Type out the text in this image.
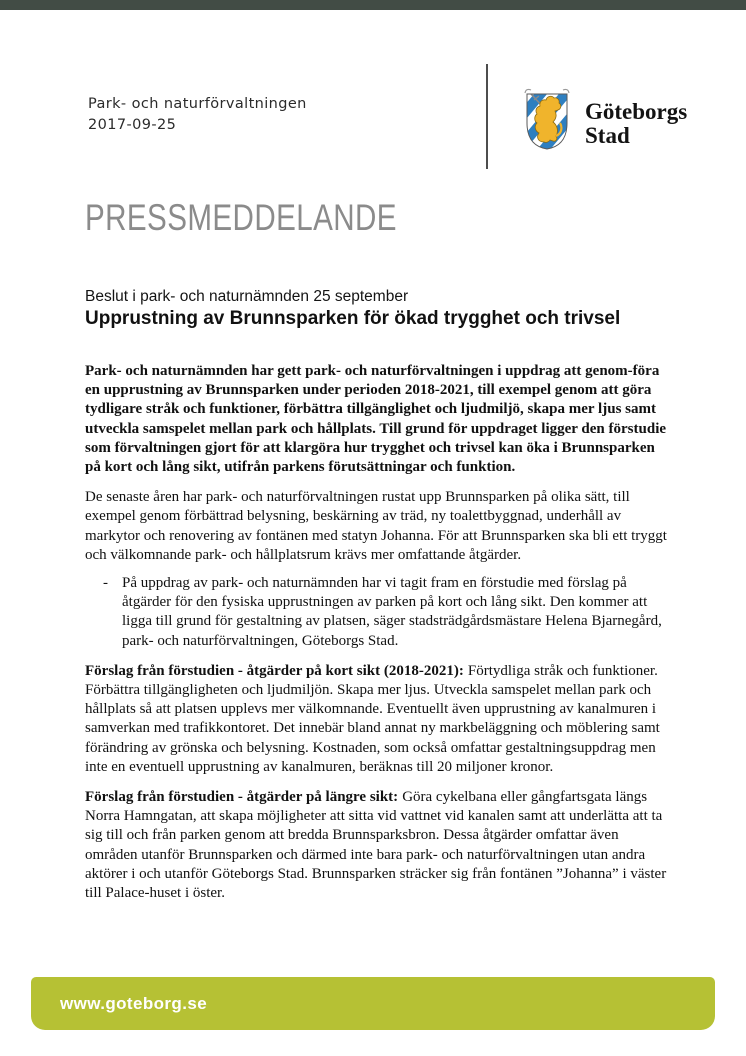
Park- och naturförvaltningen
2017-09-25
Göteborgs
Stad
PRESSMEDDELANDE
Beslut i park- och naturnämnden 25 september
Upprustning av Brunnsparken för ökad trygghet och trivsel

Park- och naturnämnden har gett park- och naturförvaltningen i uppdrag att genom-föra en upprustning av Brunnsparken under perioden 2018-2021, till exempel genom att göra tydligare stråk och funktioner, förbättra tillgänglighet och ljudmiljö, skapa mer ljus samt utveckla samspelet mellan park och hållplats. Till grund för uppdraget ligger den förstudie som förvaltningen gjort för att klargöra hur trygghet och trivsel kan öka i Brunnsparken på kort och lång sikt, utifrån parkens förutsättningar och funktion.

De senaste åren har park- och naturförvaltningen rustat upp Brunnsparken på olika sätt, till exempel genom förbättrad belysning, beskärning av träd, ny toalettbyggnad, underhåll av markytor och renovering av fontänen med statyn Johanna. För att Brunnsparken ska bli ett tryggt och välkomnande park- och hållplatsrum krävs mer omfattande åtgärder.

- På uppdrag av park- och naturnämnden har vi tagit fram en förstudie med förslag på åtgärder för den fysiska upprustningen av parken på kort och lång sikt. Den kommer att ligga till grund för gestaltning av platsen, säger stadsträdgårdsmästare Helena Bjarnegård, park- och naturförvaltningen, Göteborgs Stad.

Förslag från förstudien - åtgärder på kort sikt (2018-2021): Förtydliga stråk och funktioner. Förbättra tillgängligheten och ljudmiljön. Skapa mer ljus. Utveckla samspelet mellan park och hållplats så att platsen upplevs mer välkomnande. Eventuellt även upprustning av kanalmuren i samverkan med trafikkontoret. Det innebär bland annat ny markbeläggning och möblering samt förändring av grönska och belysning. Kostnaden, som också omfattar gestaltningsuppdrag men inte en eventuell upprustning av kanalmuren, beräknas till 20 miljoner kronor.

Förslag från förstudien - åtgärder på längre sikt: Göra cykelbana eller gångfartsgata längs Norra Hamngatan, att skapa möjligheter att sitta vid vattnet vid kanalen samt att underlätta att ta sig till och från parken genom att bredda Brunnsparksbron. Dessa åtgärder omfattar även områden utanför Brunnsparken och därmed inte bara park- och naturförvaltningen utan andra aktörer i och utanför Göteborgs Stad. Brunnsparken sträcker sig från fontänen ”Johanna” i väster till Palace-huset i öster.

www.goteborg.se
